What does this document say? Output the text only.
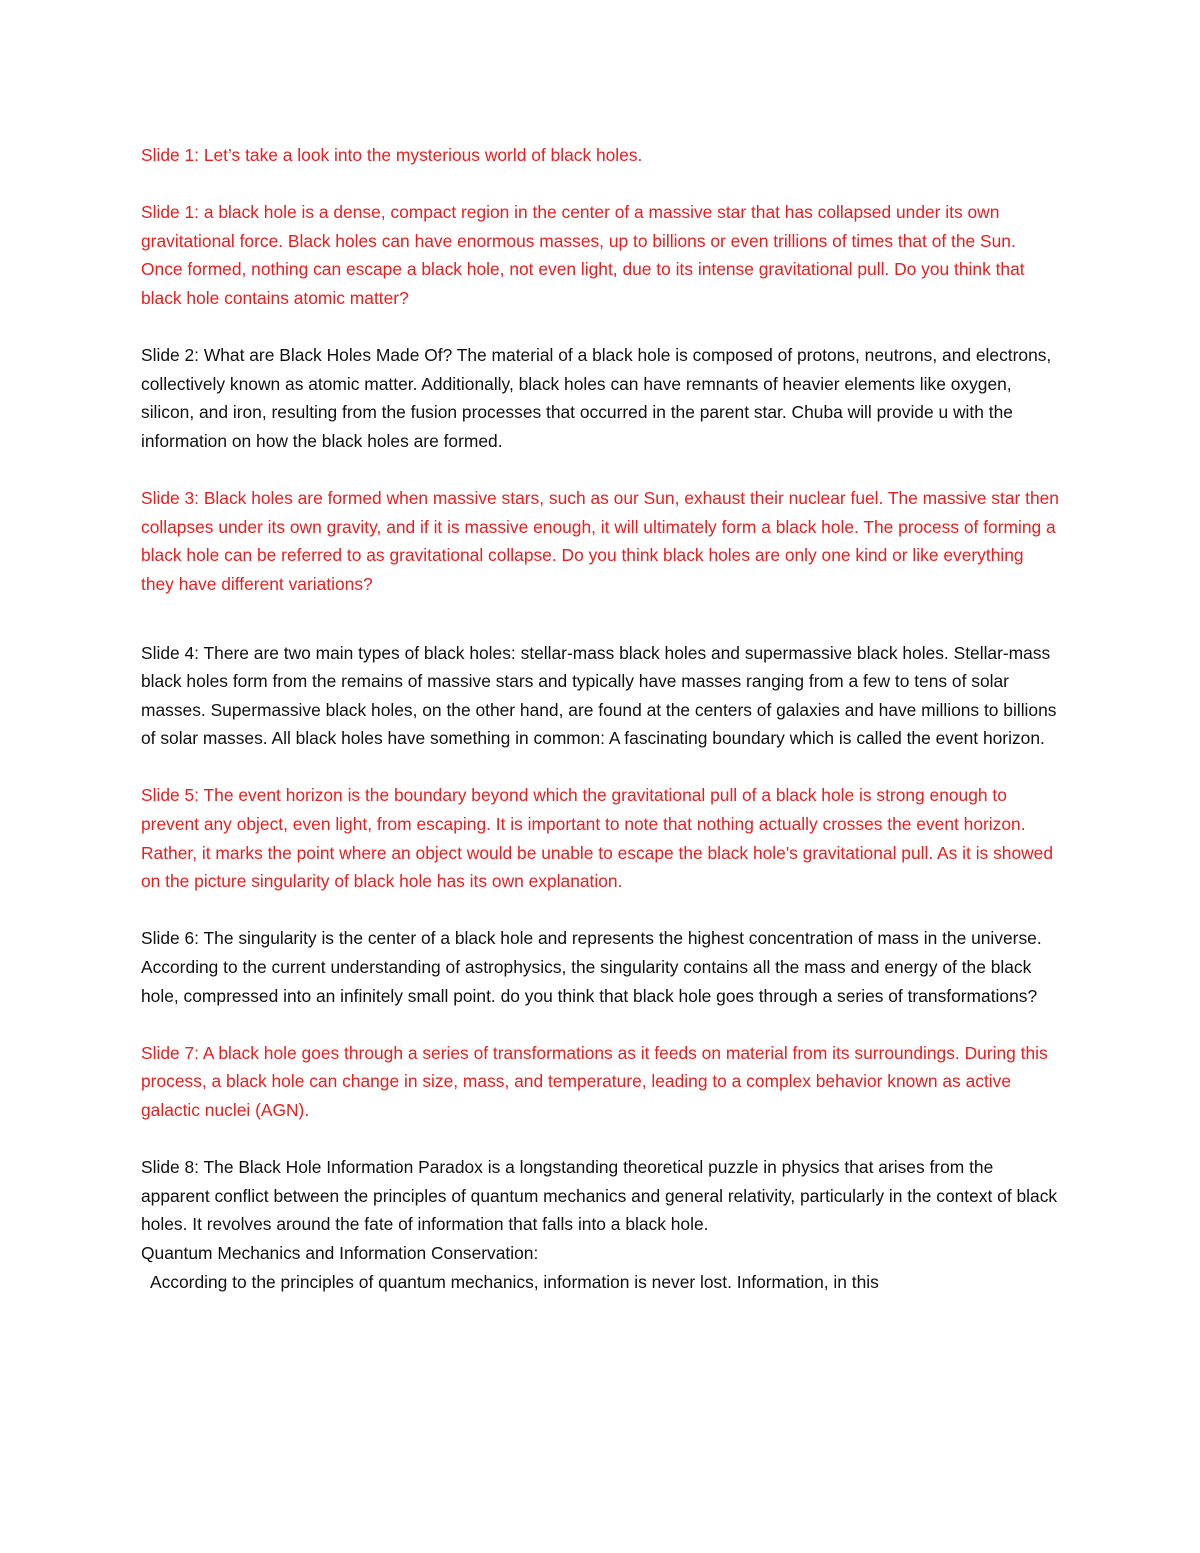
Slide 1: Let’s take a look into the mysterious world of black holes.

Slide 1: a black hole is a dense, compact region in the center of a massive star that has collapsed under its own gravitational force. Black holes can have enormous masses, up to billions or even trillions of times that of the Sun. Once formed, nothing can escape a black hole, not even light, due to its intense gravitational pull. Do you think that black hole contains atomic matter?

Slide 2: What are Black Holes Made Of? The material of a black hole is composed of protons, neutrons, and electrons, collectively known as atomic matter. Additionally, black holes can have remnants of heavier elements like oxygen, silicon, and iron, resulting from the fusion processes that occurred in the parent star. Chuba will provide u with the information on how the black holes are formed.

Slide 3: Black holes are formed when massive stars, such as our Sun, exhaust their nuclear fuel. The massive star then collapses under its own gravity, and if it is massive enough, it will ultimately form a black hole. The process of forming a black hole can be referred to as gravitational collapse. Do you think black holes are only one kind or like everything they have different variations?

Slide 4: There are two main types of black holes: stellar-mass black holes and supermassive black holes. Stellar-mass black holes form from the remains of massive stars and typically have masses ranging from a few to tens of solar masses. Supermassive black holes, on the other hand, are found at the centers of galaxies and have millions to billions of solar masses. All black holes have something in common: A fascinating boundary which is called the event horizon.

Slide 5: The event horizon is the boundary beyond which the gravitational pull of a black hole is strong enough to prevent any object, even light, from escaping. It is important to note that nothing actually crosses the event horizon. Rather, it marks the point where an object would be unable to escape the black hole's gravitational pull. As it is showed on the picture singularity of black hole has its own explanation.

Slide 6: The singularity is the center of a black hole and represents the highest concentration of mass in the universe. According to the current understanding of astrophysics, the singularity contains all the mass and energy of the black hole, compressed into an infinitely small point. do you think that black hole goes through a series of transformations?

Slide 7: A black hole goes through a series of transformations as it feeds on material from its surroundings. During this process, a black hole can change in size, mass, and temperature, leading to a complex behavior known as active galactic nuclei (AGN).

Slide 8: The Black Hole Information Paradox is a longstanding theoretical puzzle in physics that arises from the apparent conflict between the principles of quantum mechanics and general relativity, particularly in the context of black holes. It revolves around the fate of information that falls into a black hole.

Quantum Mechanics and Information Conservation:

According to the principles of quantum mechanics, information is never lost. Information, in this
